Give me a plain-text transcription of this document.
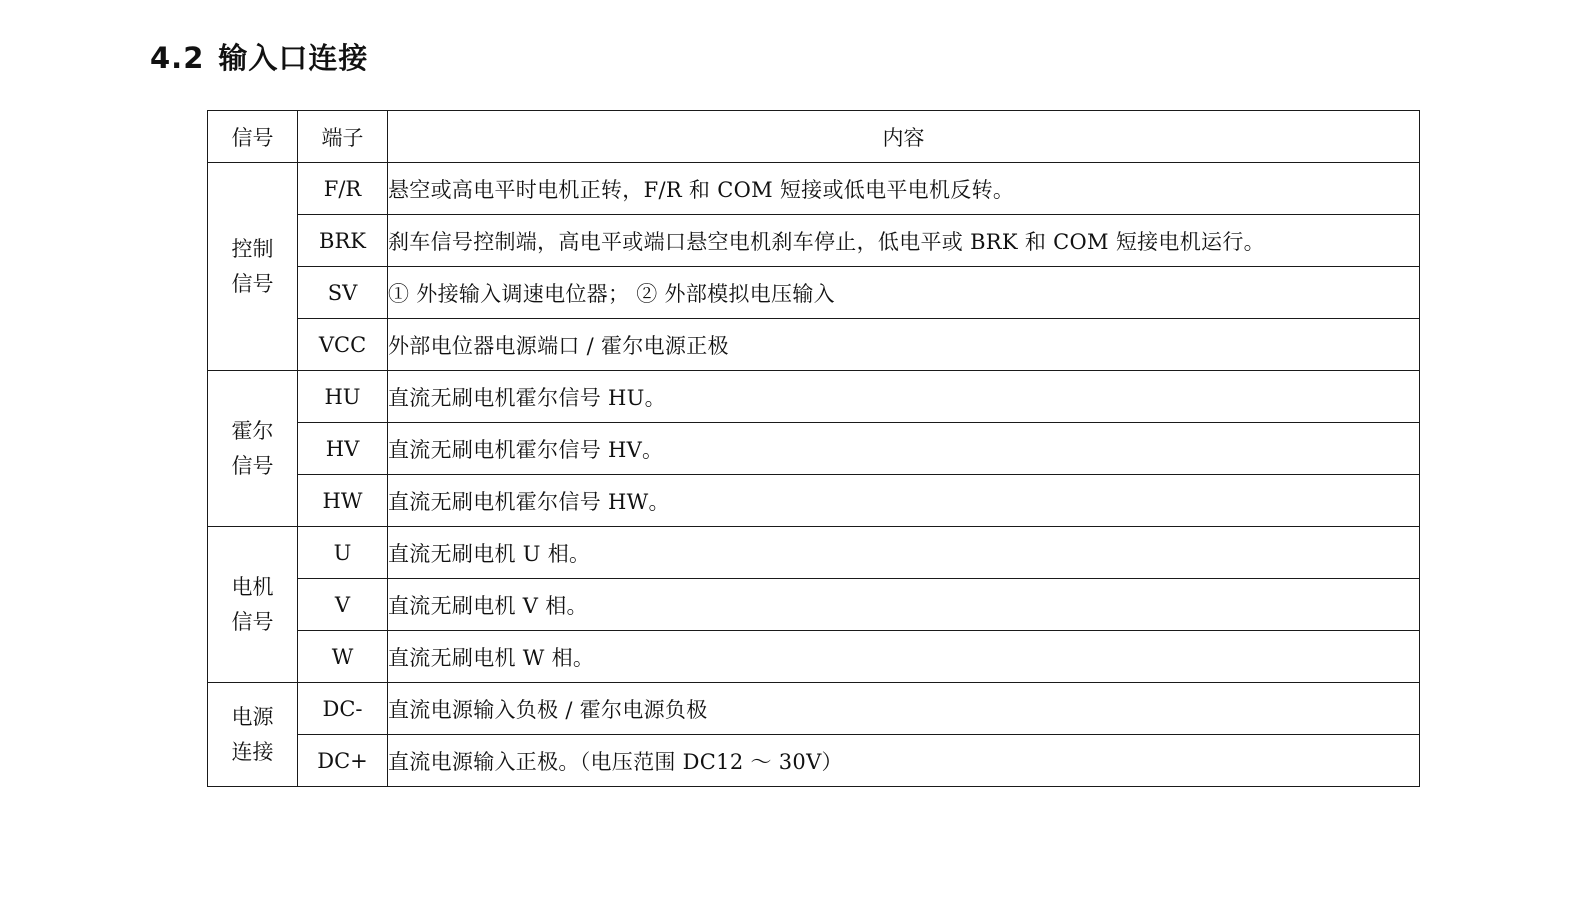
4.2 输入口连接
信号	端子	内容

控制
信号	F/R	悬空或高电平时电机正转，F/R 和 COM 短接或低电平电机反转。
	BRK	刹车信号控制端，高电平或端口悬空电机刹车停止，低电平或 BRK 和 COM 短接电机运行。
	SV	① 外接输入调速电位器； ② 外部模拟电压输入
	VCC	外部电位器电源端口 / 霍尔电源正极

霍尔
信号	HU	直流无刷电机霍尔信号 HU。
	HV	直流无刷电机霍尔信号 HV。
	HW	直流无刷电机霍尔信号 HW。

电机
信号	U	直流无刷电机 U 相。
	V	直流无刷电机 V 相。
	W	直流无刷电机 W 相。

电源
连接	DC-	直流电源输入负极 / 霍尔电源负极
	DC+	直流电源输入正极。（电压范围 DC12 ～ 30V）
